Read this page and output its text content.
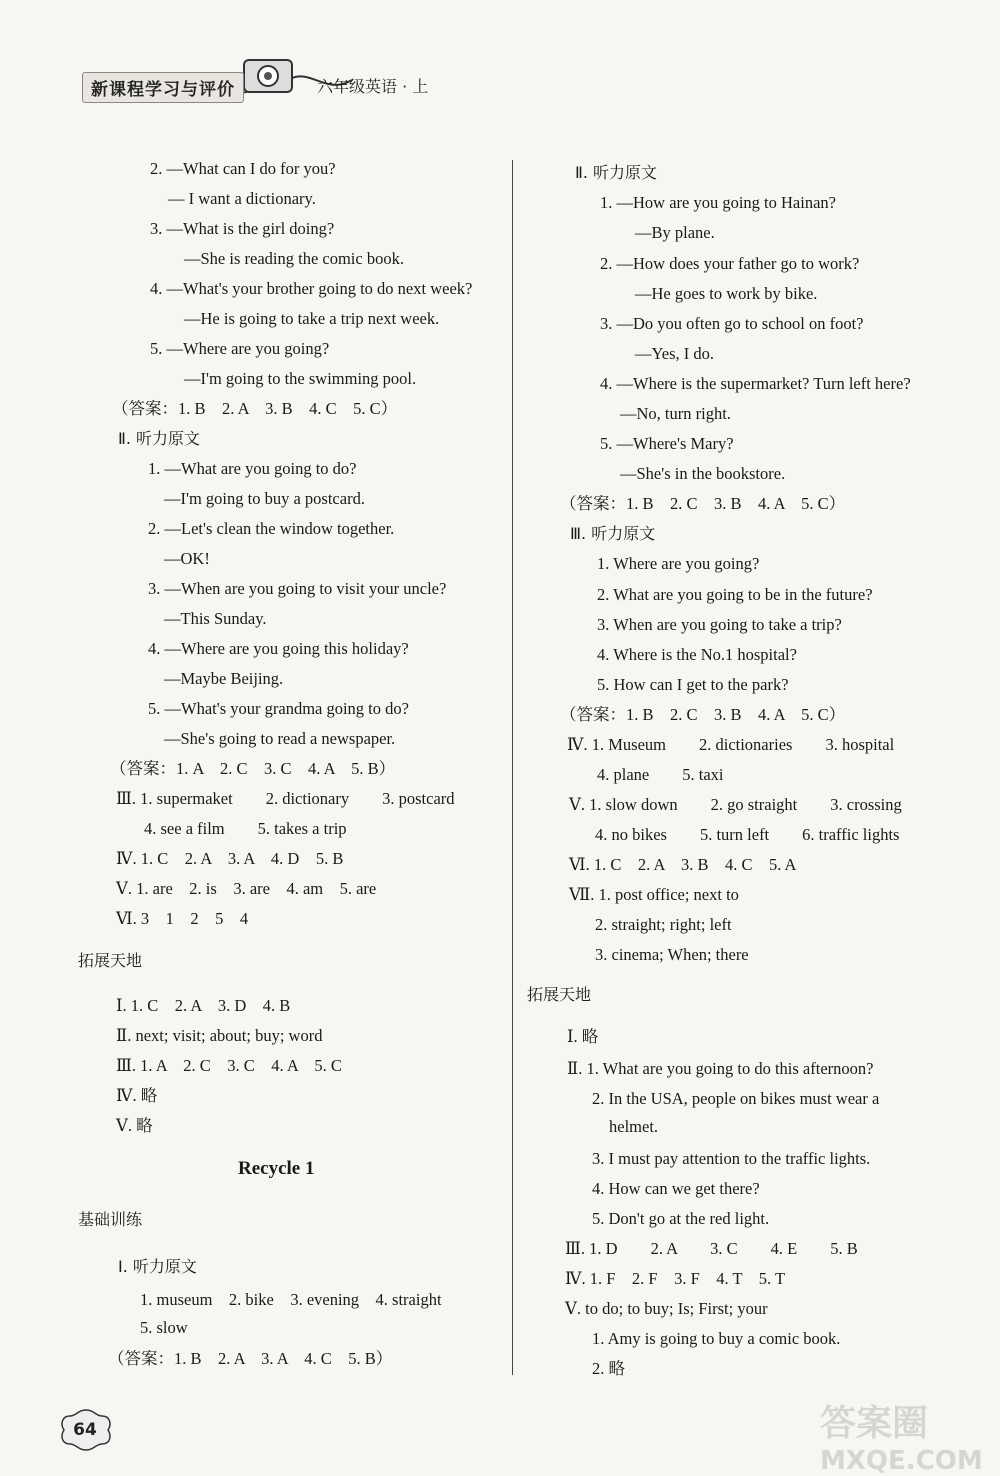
新课程学习与评价	六年级英语 · 上
2. —What can I do for you?
— I want a dictionary.
3. —What is the girl doing?
—She is reading the comic book.
4. —What's your brother going to do next week?
—He is going to take a trip next week.
5. —Where are you going?
—I'm going to the swimming pool.
（答案：1. B　2. A　3. B　4. C　5. C）
Ⅱ. 听力原文
1. —What are you going to do?
—I'm going to buy a postcard.
2. —Let's clean the window together.
—OK!
3. —When are you going to visit your uncle?
—This Sunday.
4. —Where are you going this holiday?
—Maybe Beijing.
5. —What's your grandma going to do?
—She's going to read a newspaper.
（答案：1. A　2. C　3. C　4. A　5. B）
Ⅲ. 1. supermaket　　2. dictionary　　3. postcard
4. see a film　　5. takes a trip
Ⅳ. 1. C　2. A　3. A　4. D　5. B
Ⅴ. 1. are　2. is　3. are　4. am　5. are
Ⅵ. 3　1　2　5　4
拓展天地
Ⅰ. 1. C　2. A　3. D　4. B
Ⅱ. next; visit; about; buy; word
Ⅲ. 1. A　2. C　3. C　4. A　5. C
Ⅳ. 略
Ⅴ. 略
Recycle 1
基础训练
Ⅰ. 听力原文
1. museum　2. bike　3. evening　4. straight
5. slow
（答案：1. B　2. A　3. A　4. C　5. B）
Ⅱ. 听力原文
1. —How are you going to Hainan?
—By plane.
2. —How does your father go to work?
—He goes to work by bike.
3. —Do you often go to school on foot?
—Yes, I do.
4. —Where is the supermarket? Turn left here?
—No, turn right.
5. —Where's Mary?
—She's in the bookstore.
（答案：1. B　2. C　3. B　4. A　5. C）
Ⅲ. 听力原文
1. Where are you going?
2. What are you going to be in the future?
3. When are you going to take a trip?
4. Where is the No.1 hospital?
5. How can I get to the park?
（答案：1. B　2. C　3. B　4. A　5. C）
Ⅳ. 1. Museum　　2. dictionaries　　3. hospital
4. plane　　5. taxi
Ⅴ. 1. slow down　　2. go straight　　3. crossing
4. no bikes　　5. turn left　　6. traffic lights
Ⅵ. 1. C　2. A　3. B　4. C　5. A
Ⅶ. 1. post office; next to
2. straight; right; left
3. cinema; When; there
拓展天地
Ⅰ. 略
Ⅱ. 1. What are you going to do this afternoon?
2. In the USA, people on bikes must wear a
helmet.
3. I must pay attention to the traffic lights.
4. How can we get there?
5. Don't go at the red light.
Ⅲ. 1. D　　2. A　　3. C　　4. E　　5. B
Ⅳ. 1. F　2. F　3. F　4. T　5. T
Ⅴ. to do; to buy; Is; First; your
1. Amy is going to buy a comic book.
2. 略
64	答案圈
MXQE.COM
